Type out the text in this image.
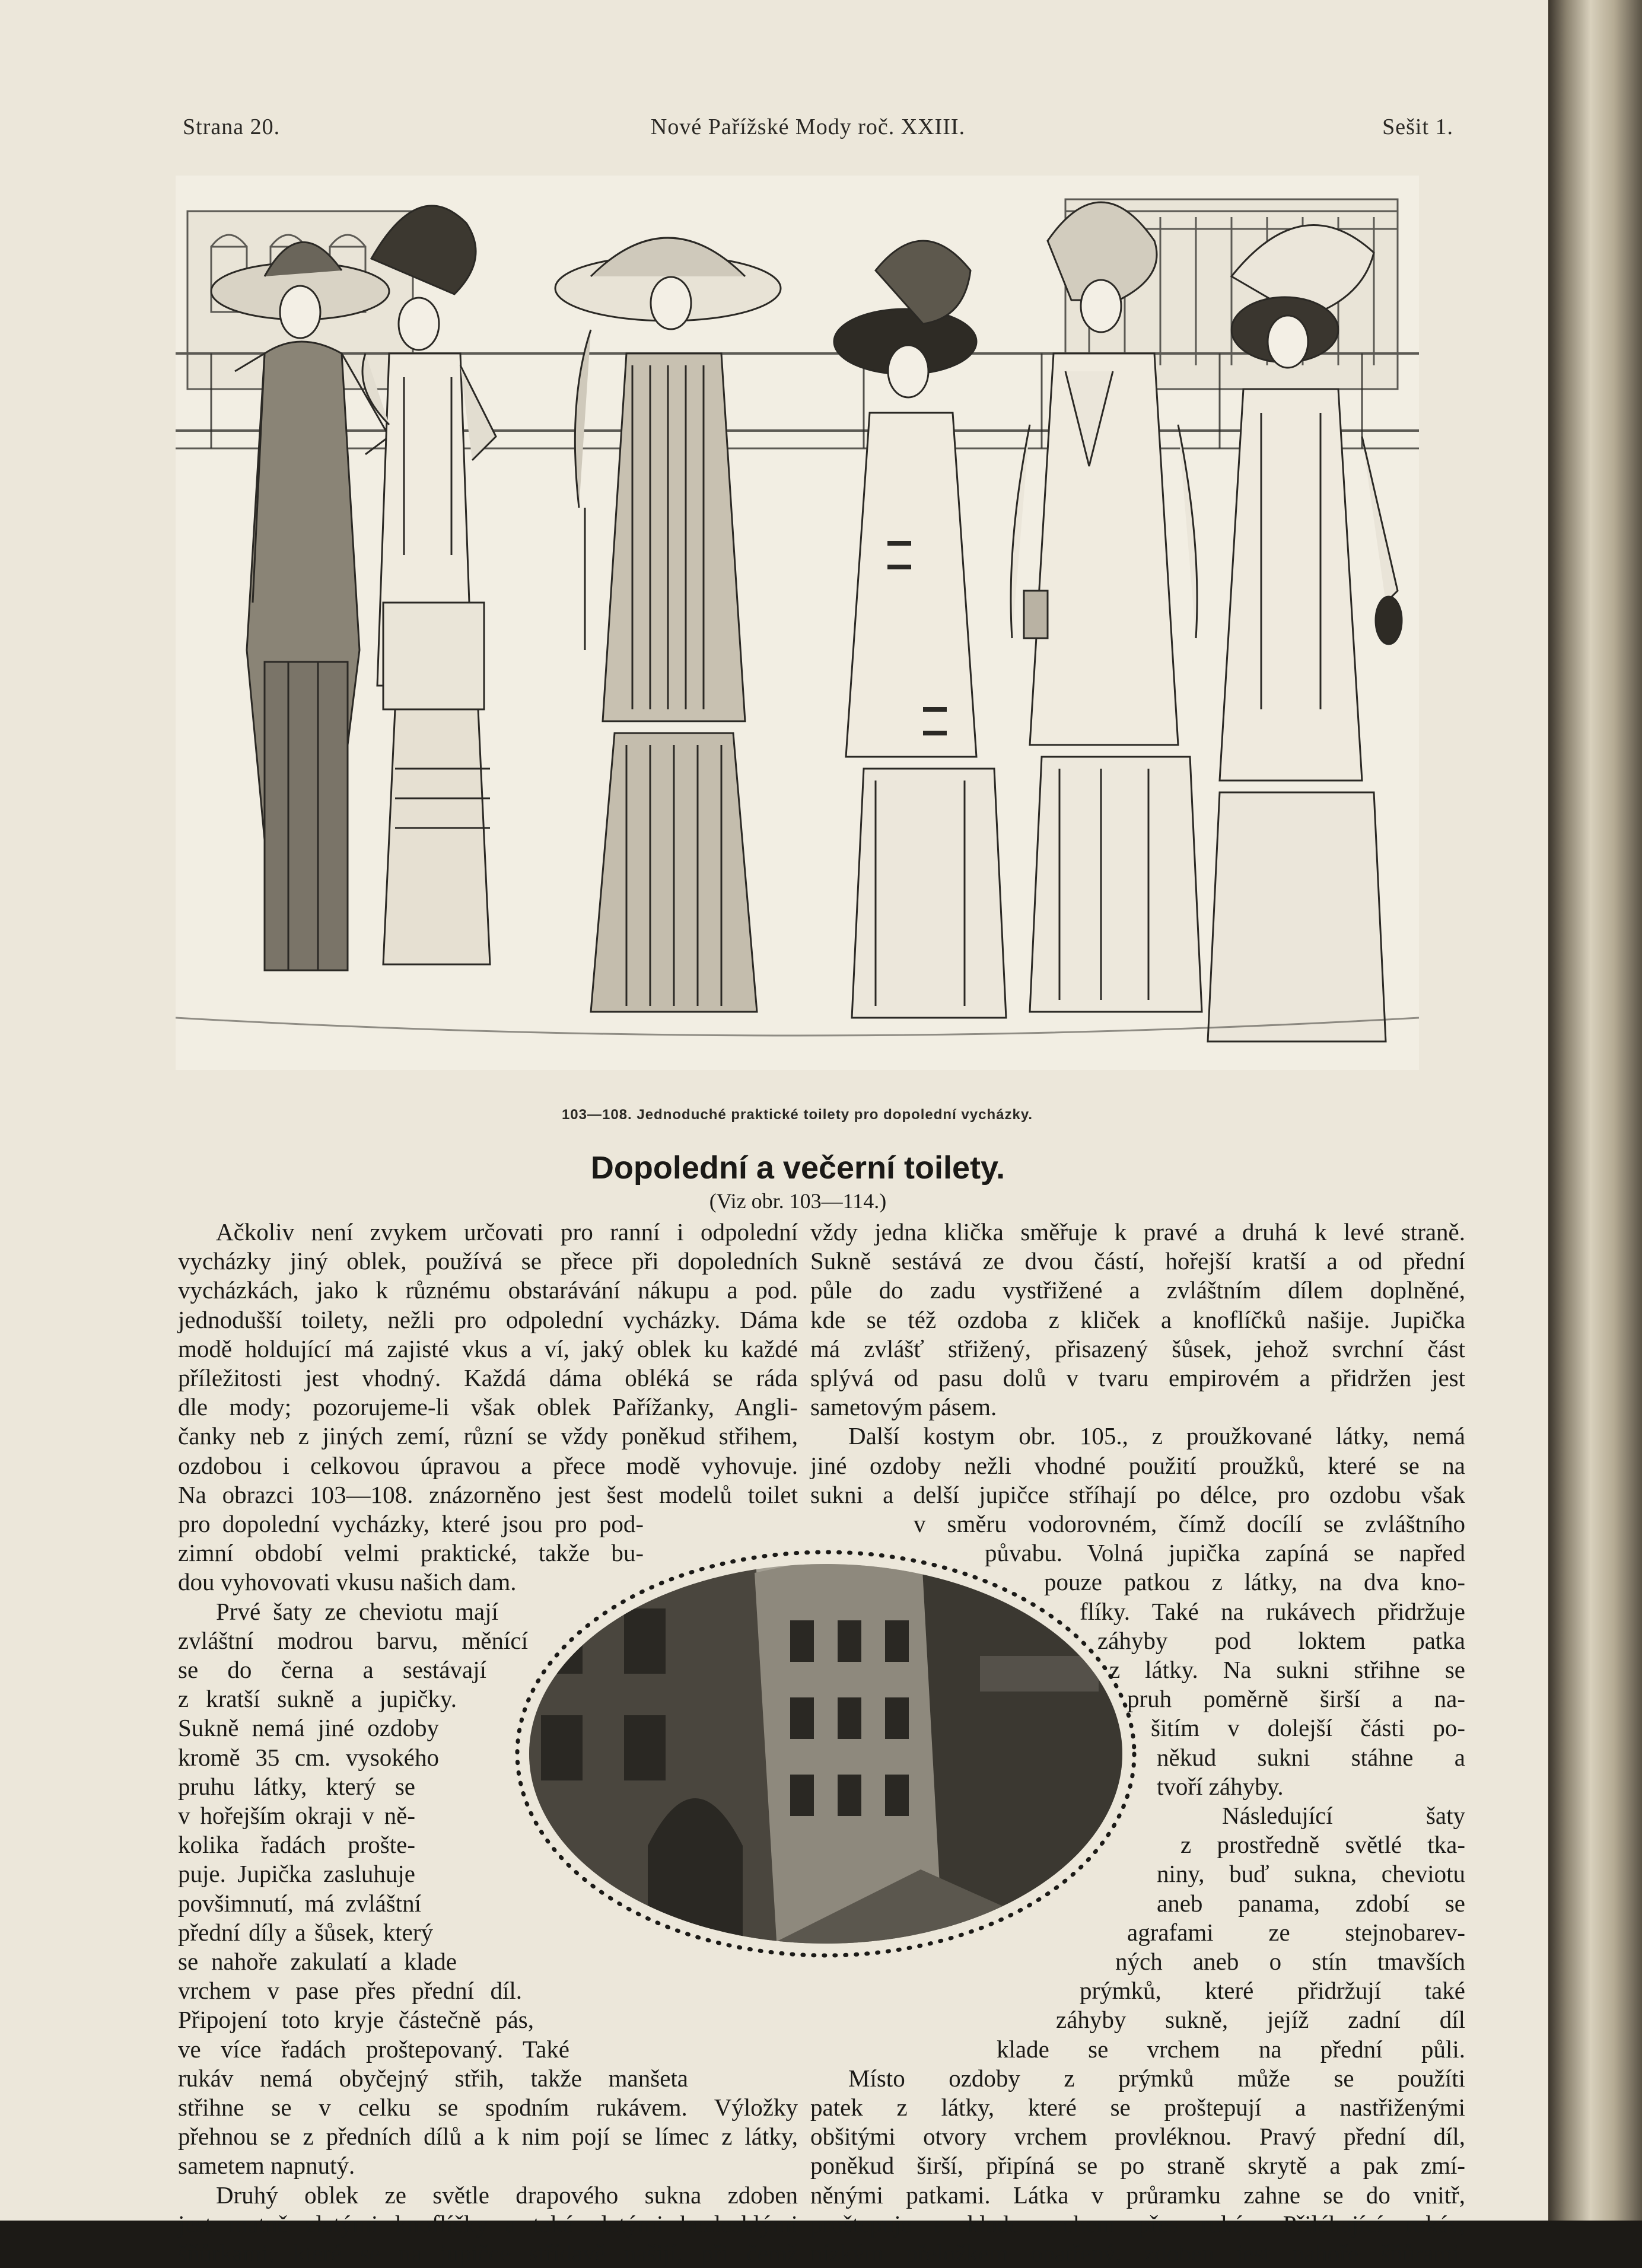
Strana 20.	Nové Pařížské Mody roč. XXIII.	Sešit 1.
103—108. Jednoduché praktické toilety pro dopolední vycházky.
Dopolední a večerní toilety.
(Viz obr. 103—114.)
Ačkoliv není zvykem určovati pro ranní i odpolední
vycházky jiný oblek, používá se přece při dopoledních
vycházkách, jako k různému obstarávání nákupu a pod.
jednodušší toilety, nežli pro odpolední vycházky. Dáma
modě holdující má zajisté vkus a ví, jaký oblek ku každé
příležitosti jest vhodný. Každá dáma obléká se ráda
dle mody; pozorujeme-li však oblek Pařížanky, Angli-
čanky neb z jiných zemí, různí se vždy poněkud střihem,
ozdobou i celkovou úpravou a přece modě vyhovuje.
Na obrazci 103—108. znázorněno jest šest modelů toilet
pro dopolední vycházky, které jsou pro pod-
zimní období velmi praktické, takže bu-
dou vyhovovati vkusu našich dam.
Prvé šaty ze cheviotu mají
zvláštní modrou barvu, měnící
se do černa a sestávají
z kratší sukně a jupičky.
Sukně nemá jiné ozdoby
kromě 35 cm. vysokého
pruhu látky, který se
v hořejším okraji v ně-
kolika řadách prošte-
puje. Jupička zasluhuje
povšimnutí, má zvláštní
přední díly a šůsek, který
se nahoře zakulatí a klade
vrchem v pase přes přední díl.
Připojení toto kryje částečně pás,
ve více řadách proštepovaný. Také
rukáv nemá obyčejný střih, takže manšeta
střihne se v celku se spodním rukávem. Výložky
přehnou se z předních dílů a k nim pojí se límec z látky,
sametem napnutý.
Druhý oblek ze světle drapového sukna zdoben
jest matně zlatými knoflíčky a také zlatými bezlesklými
šňůrkami, které se na jupičce střídavě našijí, při čemž
vždy jedna klička směřuje k pravé a druhá k levé straně.
Sukně sestává ze dvou částí, hořejší kratší a od přední
půle do zadu vystřižené a zvláštním dílem doplněné,
kde se též ozdoba z kliček a knoflíčků našije. Jupička
má zvlášť střižený, přisazený šůsek, jehož svrchní část
splývá od pasu dolů v tvaru empirovém a přidržen jest
sametovým pásem.
Další kostym obr. 105., z proužkované látky, nemá
jiné ozdoby nežli vhodné použití proužků, které se na
sukni a delší jupičce stříhají po délce, pro ozdobu však
v směru vodorovném, čímž docílí se zvláštního
půvabu. Volná jupička zapíná se napřed
pouze patkou z látky, na dva kno-
flíky. Také na rukávech přidržuje
záhyby pod loktem patka
z látky. Na sukni střihne se
pruh poměrně širší a na-
šitím v dolejší části po-
někud sukni stáhne a
tvoří záhyby.
Následující šaty
z prostředně světlé tka-
niny, buď sukna, cheviotu
aneb panama, zdobí se
agrafami ze stejnobarev-
ných aneb o stín tmavších
prýmků, které přidržují také
záhyby sukně, jejíž zadní díl
klade se vrchem na přední půli.
Místo ozdoby z prýmků může se použíti
patek z látky, které se proštepují a nastřiženými
obšitými otvory vrchem provléknou. Pravý přední díl,
poněkud širší, připíná se po straně skrytě a pak zmí-
něnými patkami. Látka v průramku zahne se do vnitř,
proštepuje a klade vrchem přes rukáv. Přiléhající rukáv,
nízkým přeložkem opatřený, zdoben jest nahoře šňůrami.
